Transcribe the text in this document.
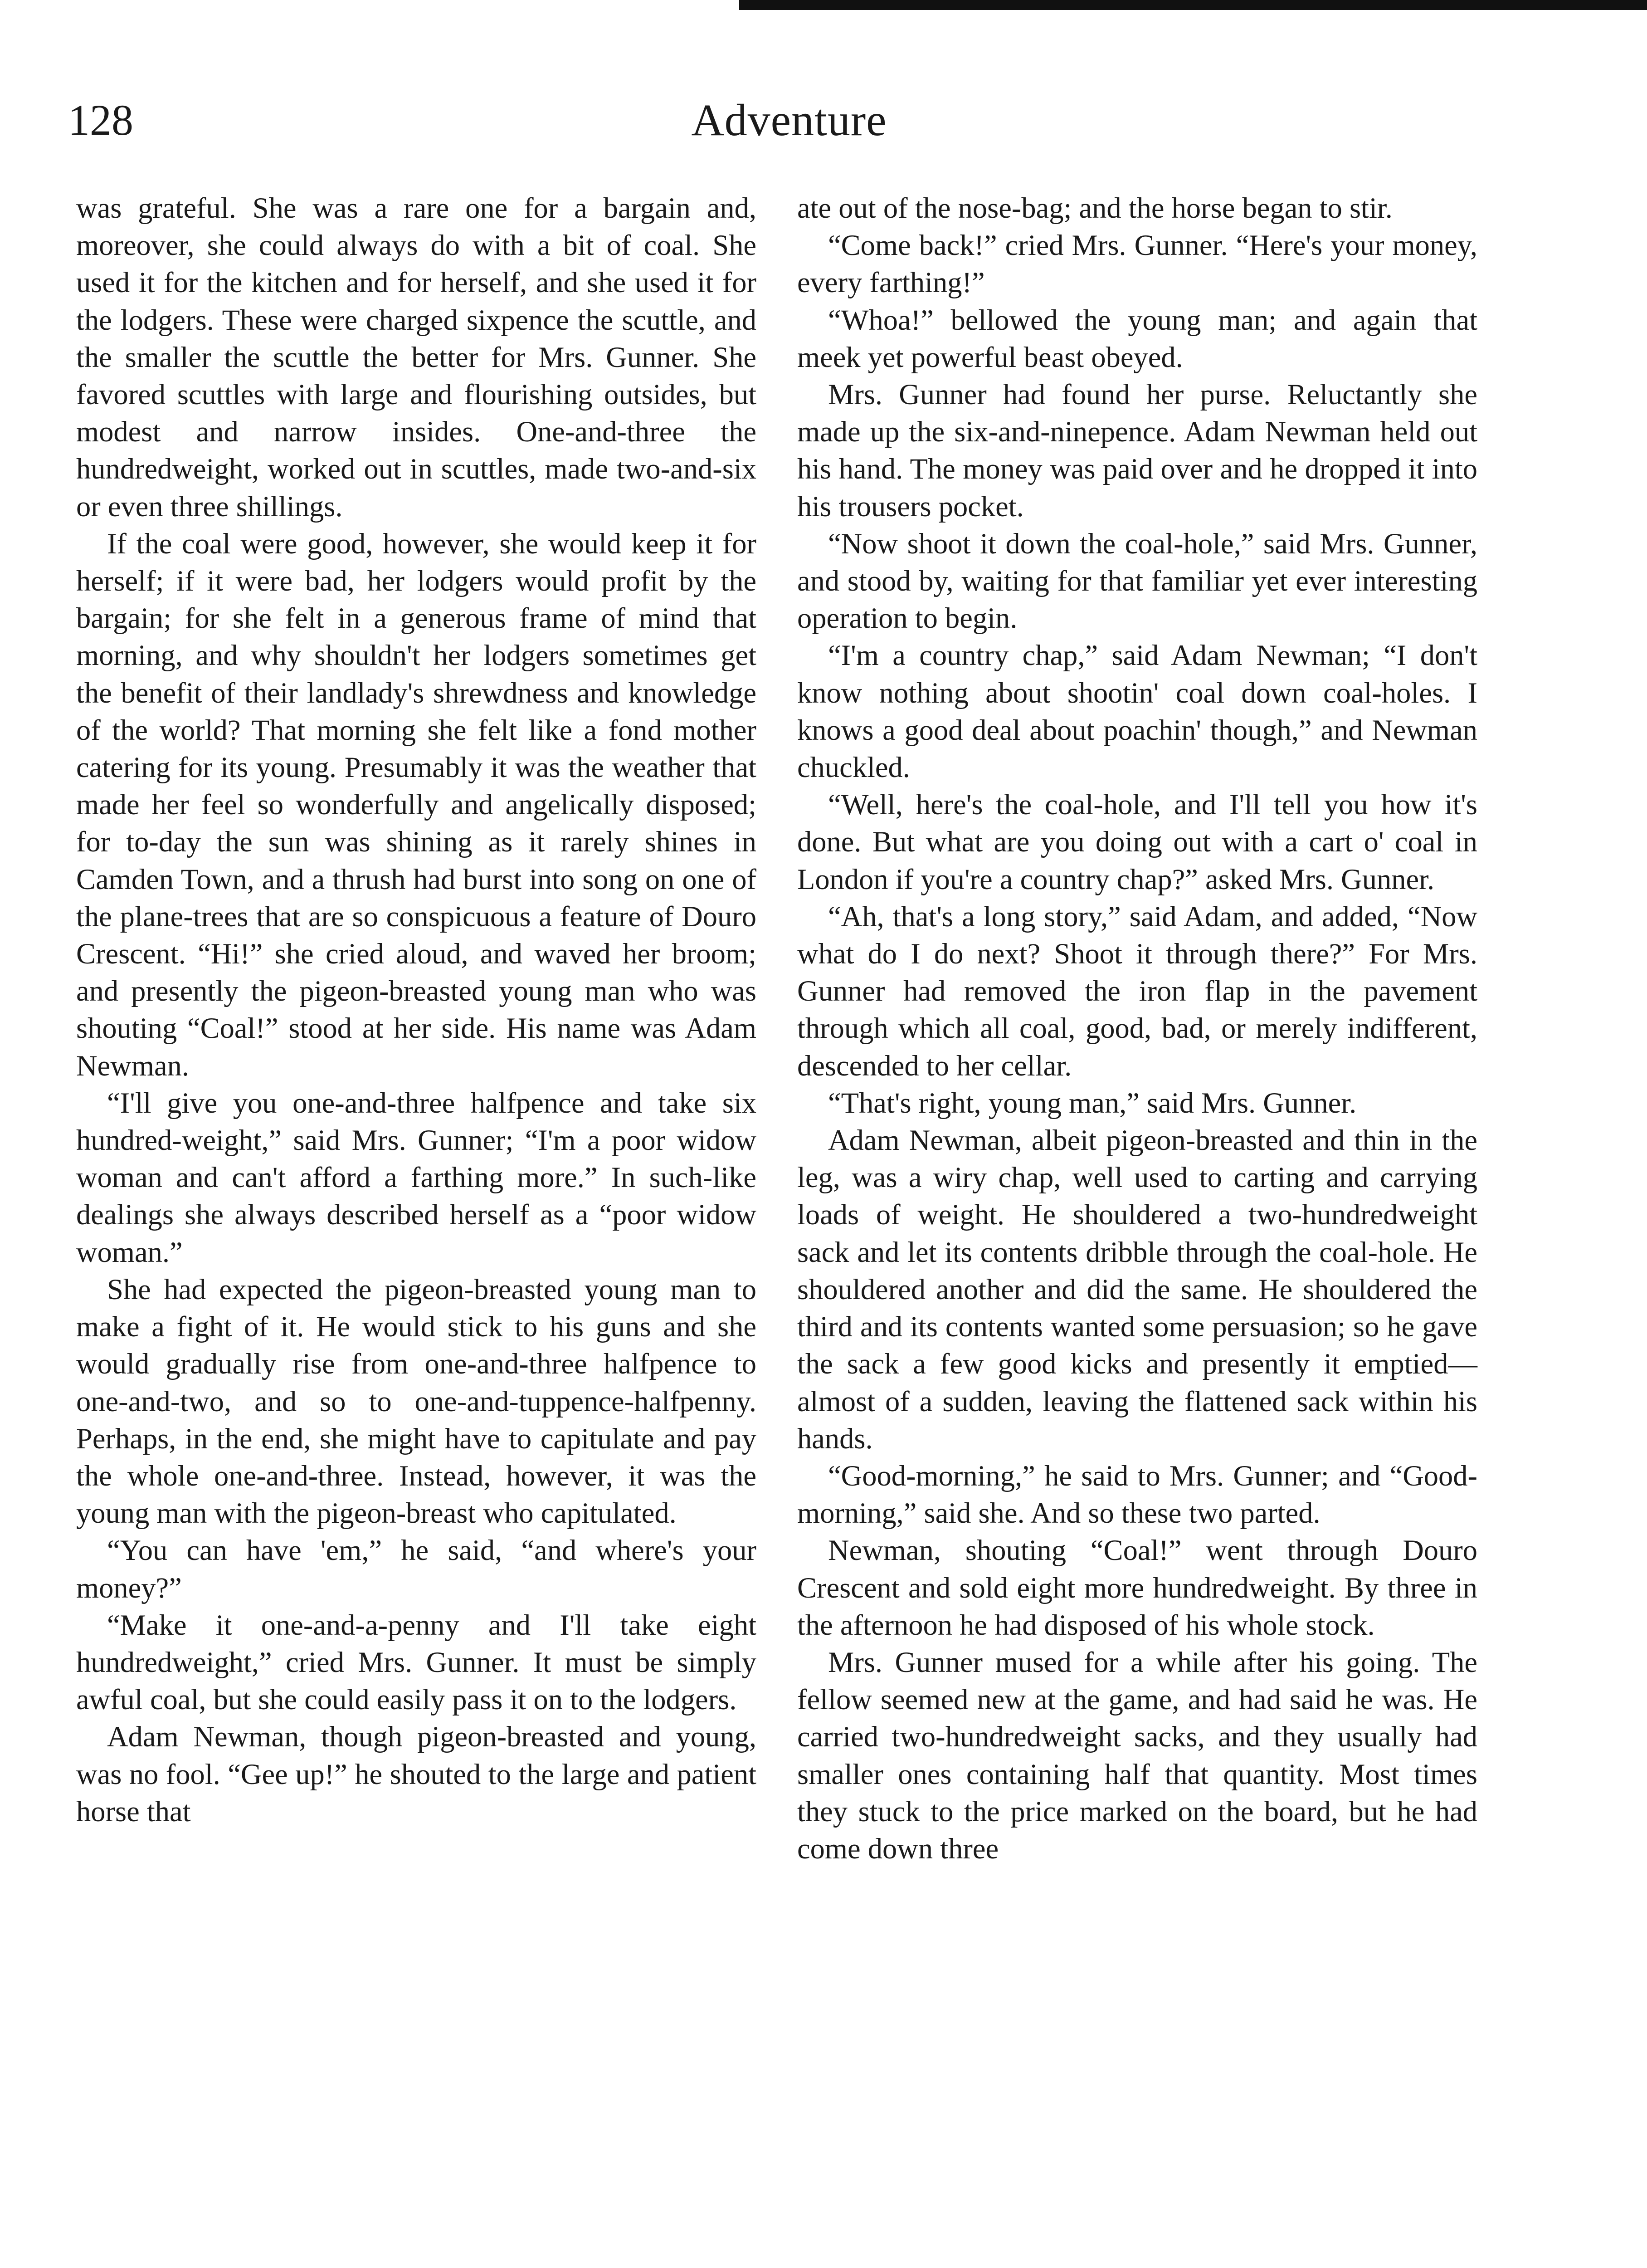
128	Adventure

was grateful. She was a rare one for a bargain and, moreover, she could always do with a bit of coal. She used it for the kitchen and for herself, and she used it for the lodgers. These were charged sixpence the scuttle, and the smaller the scuttle the better for Mrs. Gunner. She favored scuttles with large and flourishing outsides, but modest and narrow insides. One-and-three the hundredweight, worked out in scuttles, made two-and-six or even three shillings.

If the coal were good, however, she would keep it for herself; if it were bad, her lodgers would profit by the bargain; for she felt in a generous frame of mind that morning, and why shouldn't her lodgers sometimes get the benefit of their landlady's shrewdness and knowledge of the world? That morning she felt like a fond mother catering for its young. Presumably it was the weather that made her feel so wonderfully and angelically disposed; for to-day the sun was shining as it rarely shines in Camden Town, and a thrush had burst into song on one of the plane-trees that are so conspicuous a feature of Douro Crescent. “Hi!” she cried aloud, and waved her broom; and presently the pigeon-breasted young man who was shouting “Coal!” stood at her side. His name was Adam Newman.

“I'll give you one-and-three halfpence and take six hundred-weight,” said Mrs. Gunner; “I'm a poor widow woman and can't afford a farthing more.” In such-like dealings she always described herself as a “poor widow woman.”

She had expected the pigeon-breasted young man to make a fight of it. He would stick to his guns and she would gradually rise from one-and-three halfpence to one-and-two, and so to one-and-tuppence-halfpenny. Perhaps, in the end, she might have to capitulate and pay the whole one-and-three. Instead, however, it was the young man with the pigeon-breast who capitulated.

“You can have 'em,” he said, “and where's your money?”

“Make it one-and-a-penny and I'll take eight hundredweight,” cried Mrs. Gunner. It must be simply awful coal, but she could easily pass it on to the lodgers.

Adam Newman, though pigeon-breasted and young, was no fool. “Gee up!” he shouted to the large and patient horse that

ate out of the nose-bag; and the horse began to stir.

“Come back!” cried Mrs. Gunner. “Here's your money, every farthing!”

“Whoa!” bellowed the young man; and again that meek yet powerful beast obeyed.

Mrs. Gunner had found her purse. Reluctantly she made up the six-and-ninepence. Adam Newman held out his hand. The money was paid over and he dropped it into his trousers pocket.

“Now shoot it down the coal-hole,” said Mrs. Gunner, and stood by, waiting for that familiar yet ever interesting operation to begin.

“I'm a country chap,” said Adam Newman; “I don't know nothing about shootin' coal down coal-holes. I knows a good deal about poachin' though,” and Newman chuckled.

“Well, here's the coal-hole, and I'll tell you how it's done. But what are you doing out with a cart o' coal in London if you're a country chap?” asked Mrs. Gunner.

“Ah, that's a long story,” said Adam, and added, “Now what do I do next? Shoot it through there?” For Mrs. Gunner had removed the iron flap in the pavement through which all coal, good, bad, or merely indifferent, descended to her cellar.

“That's right, young man,” said Mrs. Gunner.

Adam Newman, albeit pigeon-breasted and thin in the leg, was a wiry chap, well used to carting and carrying loads of weight. He shouldered a two-hundredweight sack and let its contents dribble through the coal-hole. He shouldered another and did the same. He shouldered the third and its contents wanted some persuasion; so he gave the sack a few good kicks and presently it emptied—almost of a sudden, leaving the flattened sack within his hands.

“Good-morning,” he said to Mrs. Gunner; and “Good-morning,” said she. And so these two parted.

Newman, shouting “Coal!” went through Douro Crescent and sold eight more hundredweight. By three in the afternoon he had disposed of his whole stock.

Mrs. Gunner mused for a while after his going. The fellow seemed new at the game, and had said he was. He carried two-hundredweight sacks, and they usually had smaller ones containing half that quantity. Most times they stuck to the price marked on the board, but he had come down three
